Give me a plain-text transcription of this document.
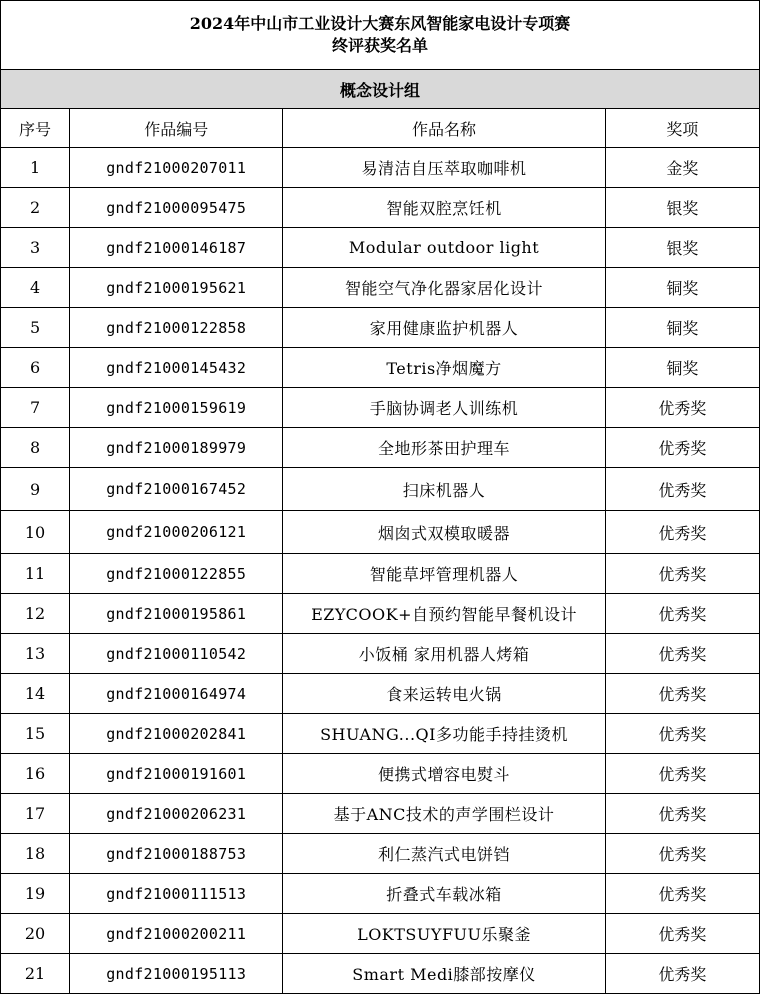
2024年中山市工业设计大赛东风智能家电设计专项赛
终评获奖名单			

概念设计组			
序号	作品编号	作品名称	奖项
1	gndf21000207011	易清洁自压萃取咖啡机	金奖
2	gndf21000095475	智能双腔烹饪机	银奖
3	gndf21000146187	Modular outdoor light	银奖
4	gndf21000195621	智能空气净化器家居化设计	铜奖
5	gndf21000122858	家用健康监护机器人	铜奖
6	gndf21000145432	Tetris净烟魔方	铜奖
7	gndf21000159619	手脑协调老人训练机	优秀奖
8	gndf21000189979	全地形茶田护理车	优秀奖
9	gndf21000167452	扫床机器人	优秀奖
10	gndf21000206121	烟囱式双模取暖器	优秀奖
11	gndf21000122855	智能草坪管理机器人	优秀奖
12	gndf21000195861	EZYCOOK+自预约智能早餐机设计	优秀奖
13	gndf21000110542	小饭桶 家用机器人烤箱	优秀奖
14	gndf21000164974	食来运转电火锅	优秀奖
15	gndf21000202841	SHUANG...QI多功能手持挂烫机	优秀奖
16	gndf21000191601	便携式增容电熨斗	优秀奖
17	gndf21000206231	基于ANC技术的声学围栏设计	优秀奖
18	gndf21000188753	利仁蒸汽式电饼铛	优秀奖
19	gndf21000111513	折叠式车载冰箱	优秀奖
20	gndf21000200211	LOKTSUYFUU乐聚釜	优秀奖
21	gndf21000195113	Smart Medi膝部按摩仪	优秀奖
